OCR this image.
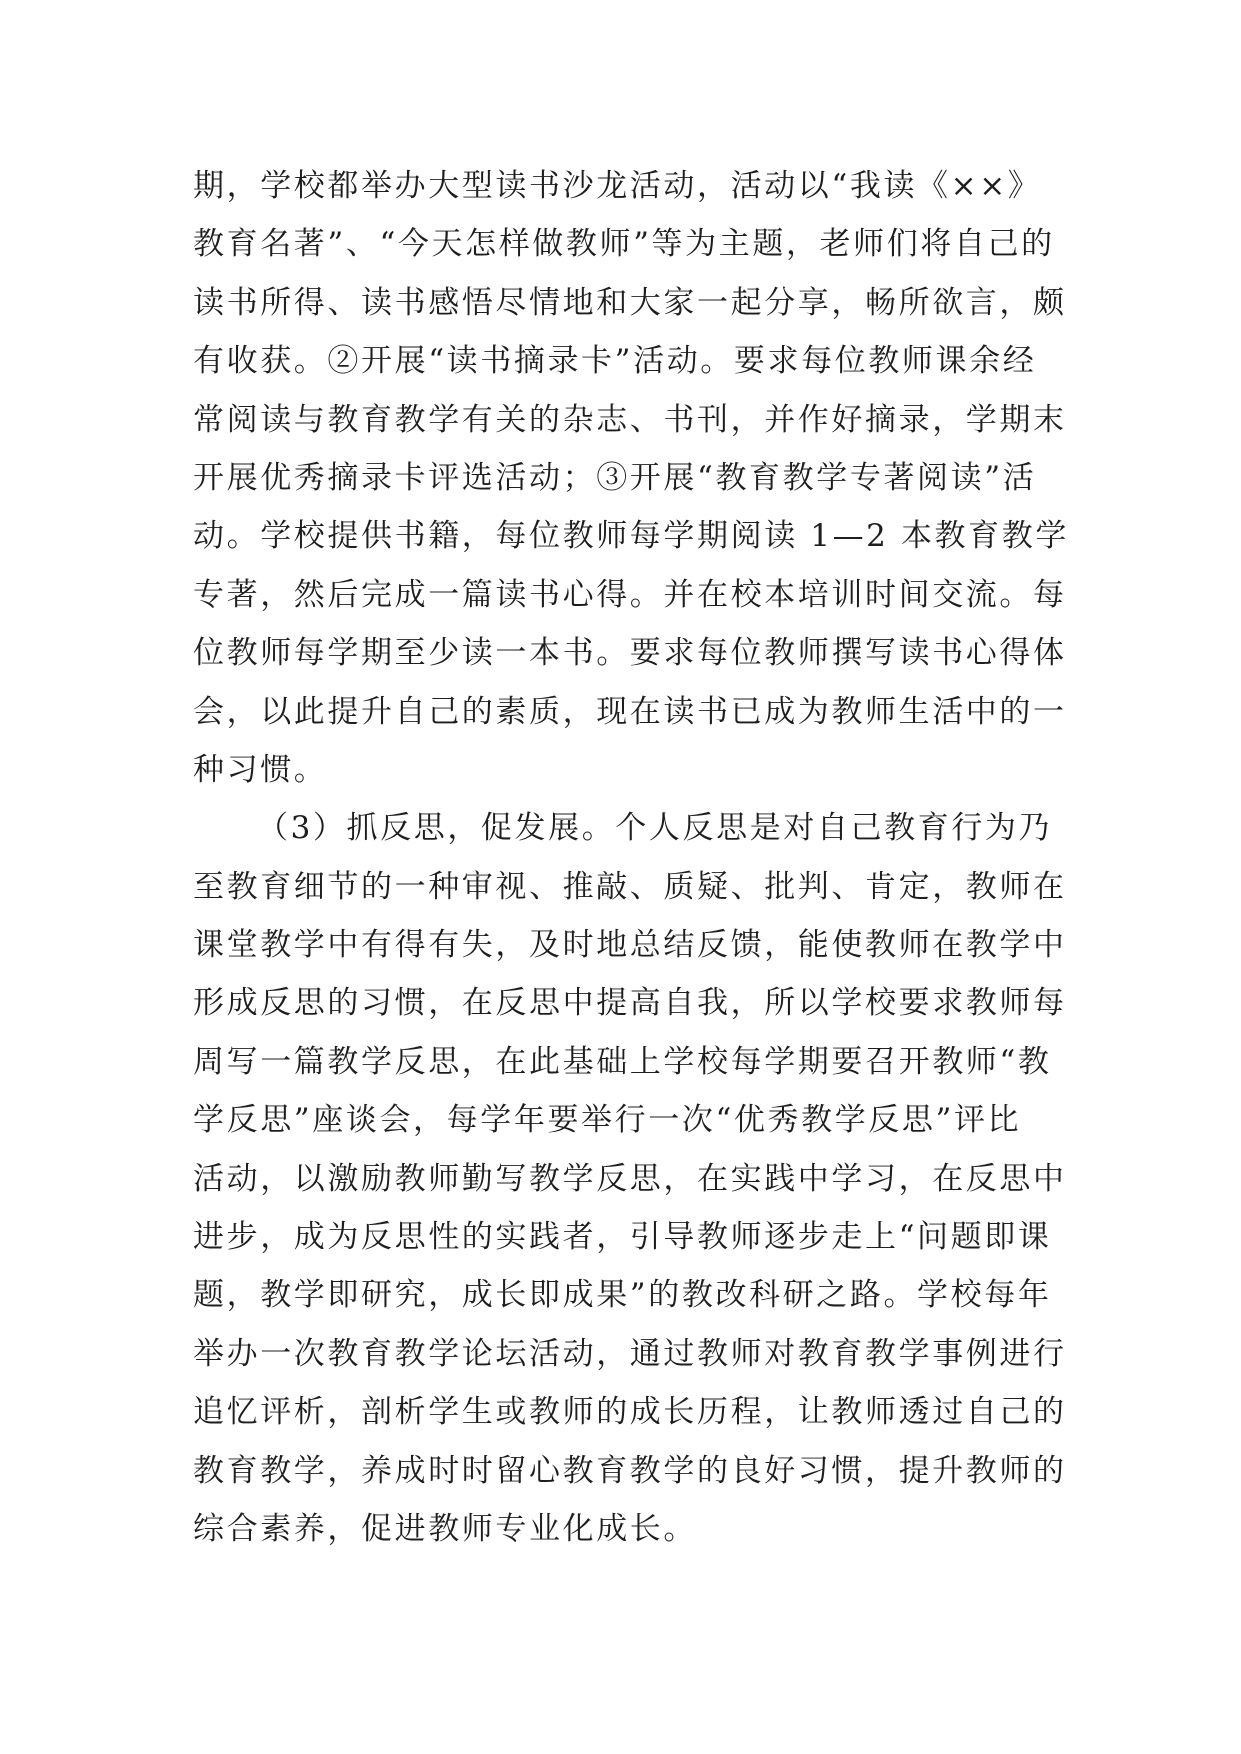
期，学校都举办大型读书沙龙活动，活动以“我读《××》

教育名著”、“今天怎样做教师”等为主题，老师们将自己的

读书所得、读书感悟尽情地和大家一起分享，畅所欲言，颇

有收获。②开展“读书摘录卡”活动。要求每位教师课余经

常阅读与教育教学有关的杂志、书刊，并作好摘录，学期末

开展优秀摘录卡评选活动；③开展“教育教学专著阅读”活

动。学校提供书籍，每位教师每学期阅读 1—2 本教育教学

专著，然后完成一篇读书心得。并在校本培训时间交流。每

位教师每学期至少读一本书。要求每位教师撰写读书心得体

会，以此提升自己的素质，现在读书已成为教师生活中的一

种习惯。

（3）抓反思，促发展。个人反思是对自己教育行为乃

至教育细节的一种审视、推敲、质疑、批判、肯定，教师在

课堂教学中有得有失，及时地总结反馈，能使教师在教学中

形成反思的习惯，在反思中提高自我，所以学校要求教师每

周写一篇教学反思，在此基础上学校每学期要召开教师“教

学反思”座谈会，每学年要举行一次“优秀教学反思”评比

活动，以激励教师勤写教学反思，在实践中学习，在反思中

进步，成为反思性的实践者，引导教师逐步走上“问题即课

题，教学即研究，成长即成果”的教改科研之路。学校每年

举办一次教育教学论坛活动，通过教师对教育教学事例进行

追忆评析，剖析学生或教师的成长历程，让教师透过自己的

教育教学，养成时时留心教育教学的良好习惯，提升教师的

综合素养，促进教师专业化成长。
